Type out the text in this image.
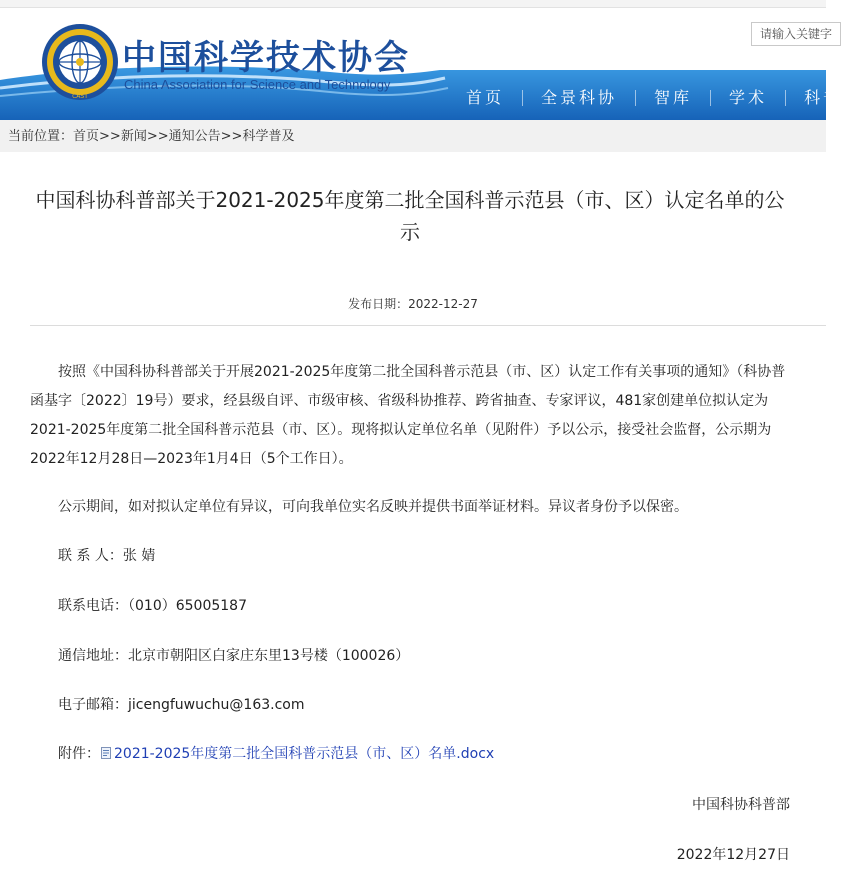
CAST
中国科学技术协会
China Association for Science and Technology
请输入关键字
首页	全景科协	智库	学术	科普
当前位置：首页>>新闻>>通知公告>>科学普及
中国科协科普部关于2021-2025年度第二批全国科普示范县（市、区）认定名单的公示
发布日期：2022-12-27

按照《中国科协科普部关于开展2021-2025年度第二批全国科普示范县（市、区）认定工作有关事项的通知》（科协普函基字〔2022〕19号）要求，经县级自评、市级审核、省级科协推荐、跨省抽查、专家评议，481家创建单位拟认定为2021-2025年度第二批全国科普示范县（市、区）。现将拟认定单位名单（见附件）予以公示，接受社会监督，公示期为2022年12月28日—2023年1月4日（5个工作日）。

公示期间，如对拟认定单位有异议，可向我单位实名反映并提供书面举证材料。异议者身份予以保密。
联 系 人：张 婧
联系电话：（010）65005187
通信地址：北京市朝阳区白家庄东里13号楼（100026）
电子邮箱：jicengfuwuchu@163.com
附件： 2021-2025年度第二批全国科普示范县（市、区）名单.docx
中国科协科普部
2022年12月27日
